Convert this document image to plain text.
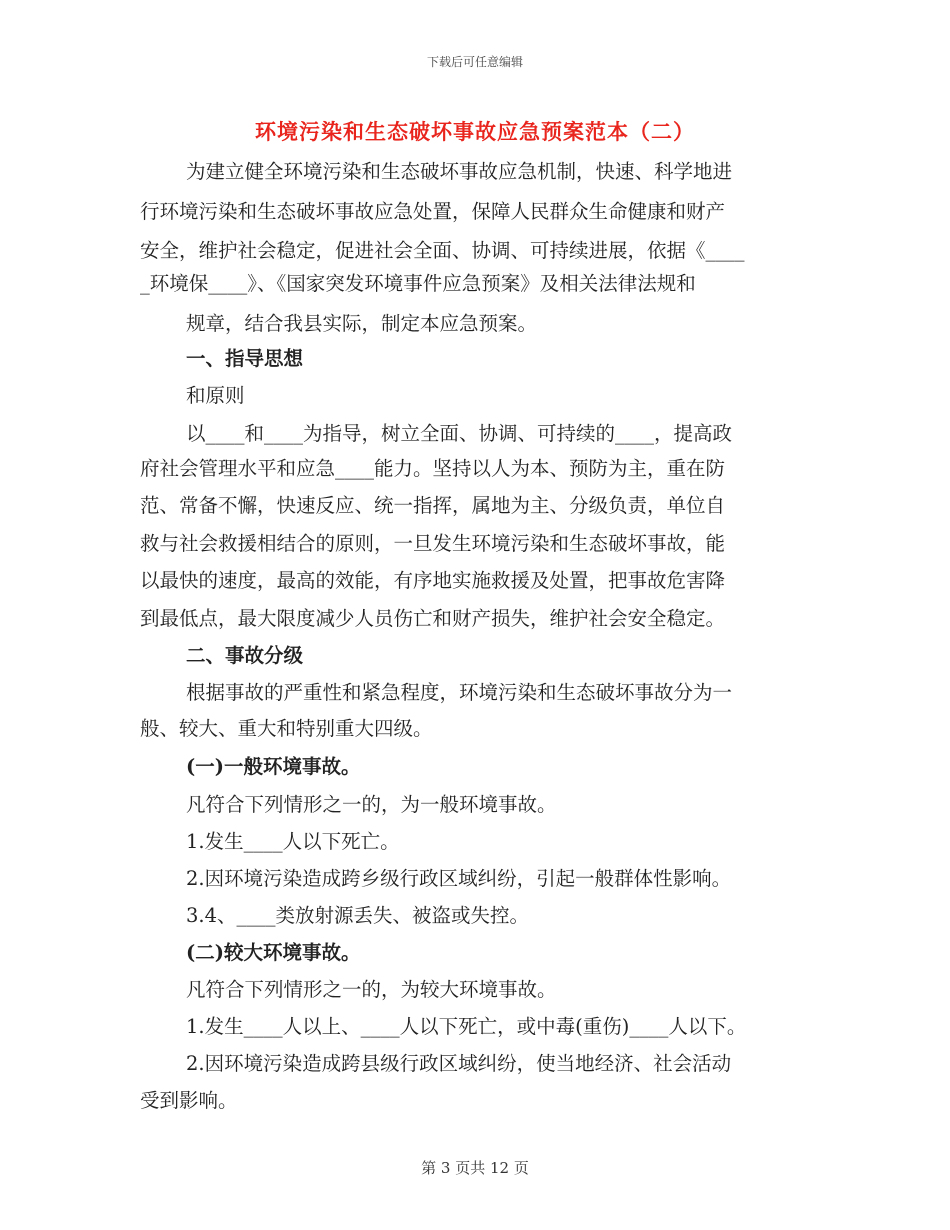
下载后可任意编辑
环境污染和生态破坏事故应急预案范本（二）
为建立健全环境污染和生态破坏事故应急机制，快速、科学地进
行环境污染和生态破坏事故应急处置，保障人民群众生命健康和财产
安全，维护社会稳定，促进社会全面、协调、可持续进展，依据《____
_环境保____》、《国家突发环境事件应急预案》及相关法律法规和
规章，结合我县实际，制定本应急预案。
一、指导思想
和原则
以____和____为指导，树立全面、协调、可持续的____，提高政
府社会管理水平和应急____能力。坚持以人为本、预防为主，重在防
范、常备不懈，快速反应、统一指挥，属地为主、分级负责，单位自
救与社会救援相结合的原则，一旦发生环境污染和生态破坏事故，能
以最快的速度，最高的效能，有序地实施救援及处置，把事故危害降
到最低点，最大限度减少人员伤亡和财产损失，维护社会安全稳定。
二、事故分级
根据事故的严重性和紧急程度，环境污染和生态破坏事故分为一
般、较大、重大和特别重大四级。
(一)一般环境事故。
凡符合下列情形之一的，为一般环境事故。
1.发生____人以下死亡。
2.因环境污染造成跨乡级行政区域纠纷，引起一般群体性影响。
3.4、____类放射源丢失、被盗或失控。
(二)较大环境事故。
凡符合下列情形之一的，为较大环境事故。
1.发生____人以上、____人以下死亡，或中毒(重伤)____人以下。
2.因环境污染造成跨县级行政区域纠纷，使当地经济、社会活动
受到影响。
第 3 页共 12 页
